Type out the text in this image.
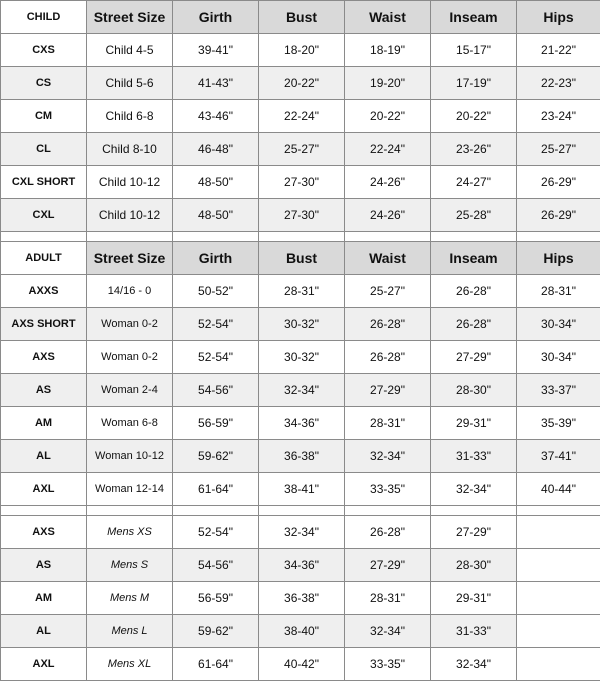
CHILD	Street Size	Girth	Bust	Waist	Inseam	Hips
CXS	Child 4-5	39-41"	18-20"	18-19"	15-17"	21-22"
CS	Child 5-6	41-43"	20-22"	19-20"	17-19"	22-23"
CM	Child 6-8	43-46"	22-24"	20-22"	20-22"	23-24"
CL	Child 8-10	46-48"	25-27"	22-24"	23-26"	25-27"
CXL SHORT	Child 10-12	48-50"	27-30"	24-26"	24-27"	26-29"
CXL	Child 10-12	48-50"	27-30"	24-26"	25-28"	26-29"

ADULT	Street Size	Girth	Bust	Waist	Inseam	Hips
AXXS	14/16 - 0	50-52"	28-31"	25-27"	26-28"	28-31"
AXS SHORT	Woman 0-2	52-54"	30-32"	26-28"	26-28"	30-34"
AXS	Woman 0-2	52-54"	30-32"	26-28"	27-29"	30-34"
AS	Woman 2-4	54-56"	32-34"	27-29"	28-30"	33-37"
AM	Woman 6-8	56-59"	34-36"	28-31"	29-31"	35-39"
AL	Woman 10-12	59-62"	36-38"	32-34"	31-33"	37-41"
AXL	Woman 12-14	61-64"	38-41"	33-35"	32-34"	40-44"

AXS	Mens XS	52-54"	32-34"	26-28"	27-29"	
AS	Mens S	54-56"	34-36"	27-29"	28-30"	
AM	Mens M	56-59"	36-38"	28-31"	29-31"	
AL	Mens L	59-62"	38-40"	32-34"	31-33"	
AXL	Mens XL	61-64"	40-42"	33-35"	32-34"	
